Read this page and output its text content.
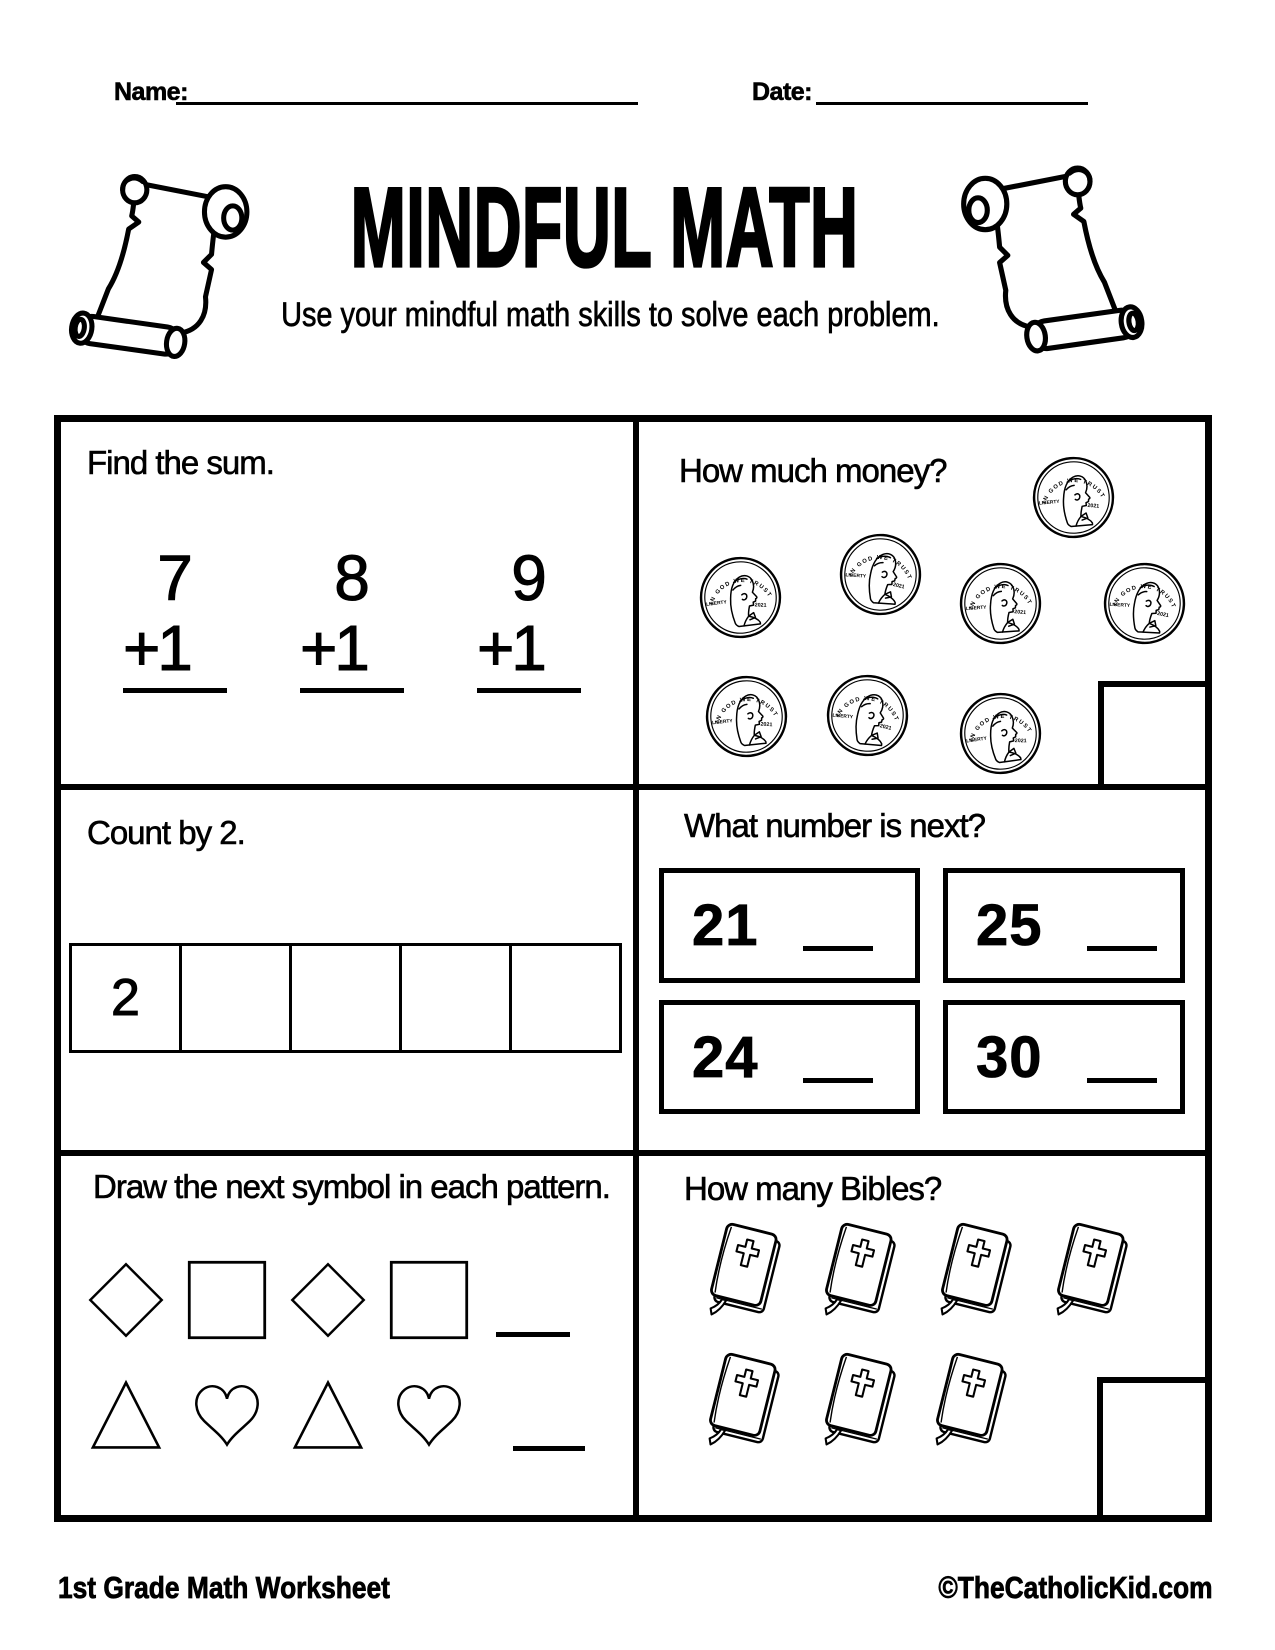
Name:	Date:
MINDFUL MATH
Use your mindful math skills to solve each problem.
Find the sum.
7
+
1
8
+
1
9
+
1
How much money?
Count by 2.
2
What number is next?
21	25
24	30
Draw the next symbol in each pattern. How many Bibles?
1st Grade Math Worksheet	©TheCatholicKid.com
